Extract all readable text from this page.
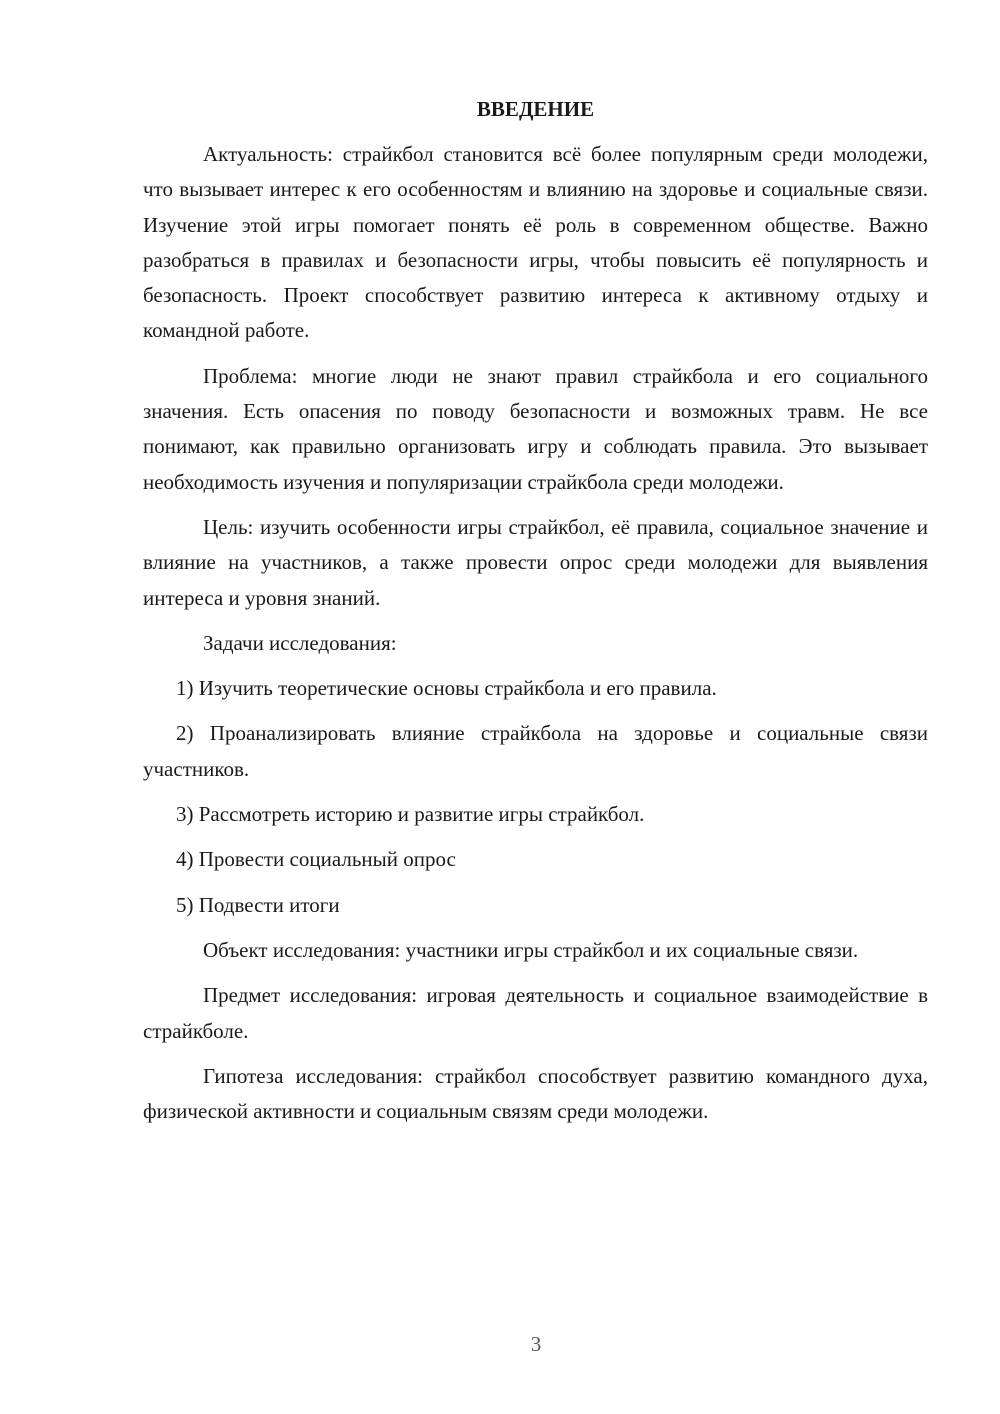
ВВЕДЕНИЕ

Актуальность: страйкбол становится всё более популярным среди молодежи, что вызывает интерес к его особенностям и влиянию на здоровье и социальные связи. Изучение этой игры помогает понять её роль в современном обществе. Важно разобраться в правилах и безопасности игры, чтобы повысить её популярность и безопасность. Проект способствует развитию интереса к активному отдыху и командной работе.

Проблема: многие люди не знают правил страйкбола и его социального значения. Есть опасения по поводу безопасности и возможных травм. Не все понимают, как правильно организовать игру и соблюдать правила. Это вызывает необходимость изучения и популяризации страйкбола среди молодежи.

Цель: изучить особенности игры страйкбол, её правила, социальное значение и влияние на участников, а также провести опрос среди молодежи для выявления интереса и уровня знаний.

Задачи исследования:

1) Изучить теоретические основы страйкбола и его правила.

2) Проанализировать влияние страйкбола на здоровье и социальные связи участников.

3) Рассмотреть историю и развитие игры страйкбол.

4) Провести социальный опрос

5) Подвести итоги

Объект исследования: участники игры страйкбол и их социальные связи.

Предмет исследования: игровая деятельность и социальное взаимодействие в страйкболе.

Гипотеза исследования: страйкбол способствует развитию командного духа, физической активности и социальным связям среди молодежи.

3
